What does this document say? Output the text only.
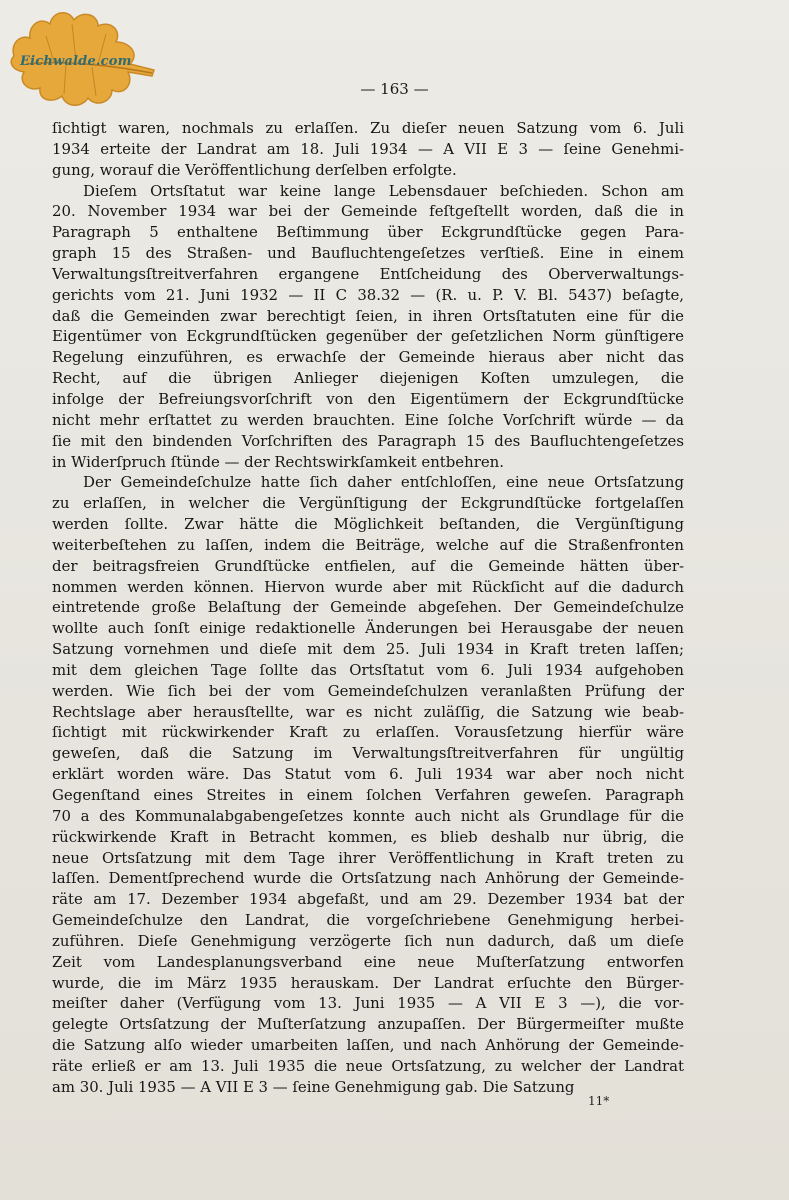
Eichwalde.com
— 163 —

ſichtigt waren, nochmals zu erlaſſen. Zu dieſer neuen Satzung vom 6. Juli
1934 erteite der Landrat am 18. Juli 1934 — A VII E 3 — ſeine Genehmi-
gung, worauf die Veröffentlichung derſelben erfolgte.

Dieſem Ortsſtatut war keine lange Lebensdauer beſchieden. Schon am
20. November 1934 war bei der Gemeinde feſtgeſtellt worden, daß die in
Paragraph 5 enthaltene Beſtimmung über Eckgrundſtücke gegen Para-
graph 15 des Straßen- und Baufluchtengeſetzes verſtieß. Eine in einem
Verwaltungsſtreitverfahren ergangene Entſcheidung des Oberverwaltungs-
gerichts vom 21. Juni 1932 — II C 38.32 — (R. u. P. V. Bl. 5437) beſagte,
daß die Gemeinden zwar berechtigt ſeien, in ihren Ortsſtatuten eine für die
Eigentümer von Eckgrundſtücken gegenüber der geſetzlichen Norm günſtigere
Regelung einzuführen, es erwachſe der Gemeinde hieraus aber nicht das
Recht, auf die übrigen Anlieger diejenigen Koſten umzulegen, die
infolge der Befreiungsvorſchrift von den Eigentümern der Eckgrundſtücke
nicht mehr erſtattet zu werden brauchten. Eine ſolche Vorſchrift würde — da
ſie mit den bindenden Vorſchriften des Paragraph 15 des Baufluchtengeſetzes
in Widerſpruch ſtünde — der Rechtswirkſamkeit entbehren.

Der Gemeindeſchulze hatte ſich daher entſchloſſen, eine neue Ortsſatzung
zu erlaſſen, in welcher die Vergünſtigung der Eckgrundſtücke fortgelaſſen
werden ſollte. Zwar hätte die Möglichkeit beſtanden, die Vergünſtigung
weiterbeſtehen zu laſſen, indem die Beiträge, welche auf die Straßenfronten
der beitragsfreien Grundſtücke entfielen, auf die Gemeinde hätten über-
nommen werden können. Hiervon wurde aber mit Rückſicht auf die dadurch
eintretende große Belaſtung der Gemeinde abgeſehen. Der Gemeindeſchulze
wollte auch ſonſt einige redaktionelle Änderungen bei Herausgabe der neuen
Satzung vornehmen und dieſe mit dem 25. Juli 1934 in Kraft treten laſſen;
mit dem gleichen Tage ſollte das Ortsſtatut vom 6. Juli 1934 aufgehoben
werden. Wie ſich bei der vom Gemeindeſchulzen veranlaßten Prüfung der
Rechtslage aber herausſtellte, war es nicht zuläſſig, die Satzung wie beab-
ſichtigt mit rückwirkender Kraft zu erlaſſen. Vorausſetzung hierfür wäre
geweſen, daß die Satzung im Verwaltungsſtreitverfahren für ungültig
erklärt worden wäre. Das Statut vom 6. Juli 1934 war aber noch nicht
Gegenſtand eines Streites in einem ſolchen Verfahren geweſen. Paragraph
70 a des Kommunalabgabengeſetzes konnte auch nicht als Grundlage für die
rückwirkende Kraft in Betracht kommen, es blieb deshalb nur übrig, die
neue Ortsſatzung mit dem Tage ihrer Veröffentlichung in Kraft treten zu
laſſen. Dementſprechend wurde die Ortsſatzung nach Anhörung der Gemeinde-
räte am 17. Dezember 1934 abgefaßt, und am 29. Dezember 1934 bat der
Gemeindeſchulze den Landrat, die vorgeſchriebene Genehmigung herbei-
zuführen. Dieſe Genehmigung verzögerte ſich nun dadurch, daß um dieſe
Zeit vom Landesplanungsverband eine neue Muſterſatzung entworfen
wurde, die im März 1935 herauskam. Der Landrat erſuchte den Bürger-
meiſter daher (Verfügung vom 13. Juni 1935 — A VII E 3 —), die vor-
gelegte Ortsſatzung der Muſterſatzung anzupaſſen. Der Bürgermeiſter mußte
die Satzung alſo wieder umarbeiten laſſen, und nach Anhörung der Gemeinde-
räte erließ er am 13. Juli 1935 die neue Ortsſatzung, zu welcher der Landrat
am 30. Juli 1935 — A VII E 3 — ſeine Genehmigung gab. Die Satzung

11*
